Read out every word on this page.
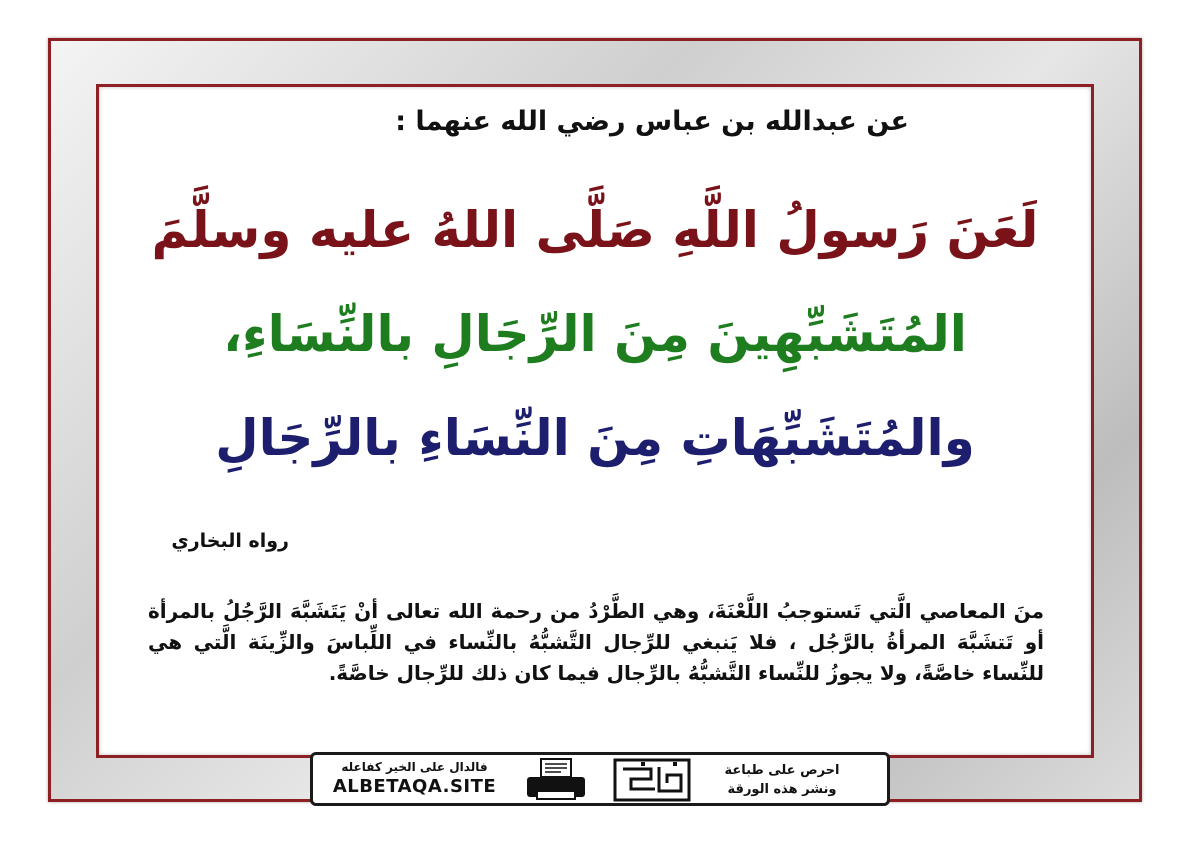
عن عبدالله بن عباس رضي الله عنهما :
لَعَنَ رَسولُ اللَّهِ صَلَّى اللهُ عليه وسلَّمَ
المُتَشَبِّهِينَ مِنَ الرِّجَالِ بالنِّسَاءِ،
والمُتَشَبِّهَاتِ مِنَ النِّسَاءِ بالرِّجَالِ
رواه البخاري
منَ المعاصي الَّتي تَستوجبُ اللَّعْنَةَ، وهي الطَّرْدُ من رحمة الله تعالى أنْ يَتَشَبَّهَ الرَّجُلُ بالمرأة أو تَتشَبَّهَ المرأةُ بالرَّجُل ، فلا يَنبغي للرِّجال التَّشبُّهُ بالنِّساء في اللِّباسَ والزِّينَة الَّتي هي للنِّساء خاصَّةً، ولا يجوزُ للنِّساء التَّشبُّهُ بالرِّجال فيما كان ذلك للرِّجال خاصَّةً.
احرص على طباعة
ونشر هذه الورقة
فالدال على الخير كفاعله
ALBETAQA.SITE
